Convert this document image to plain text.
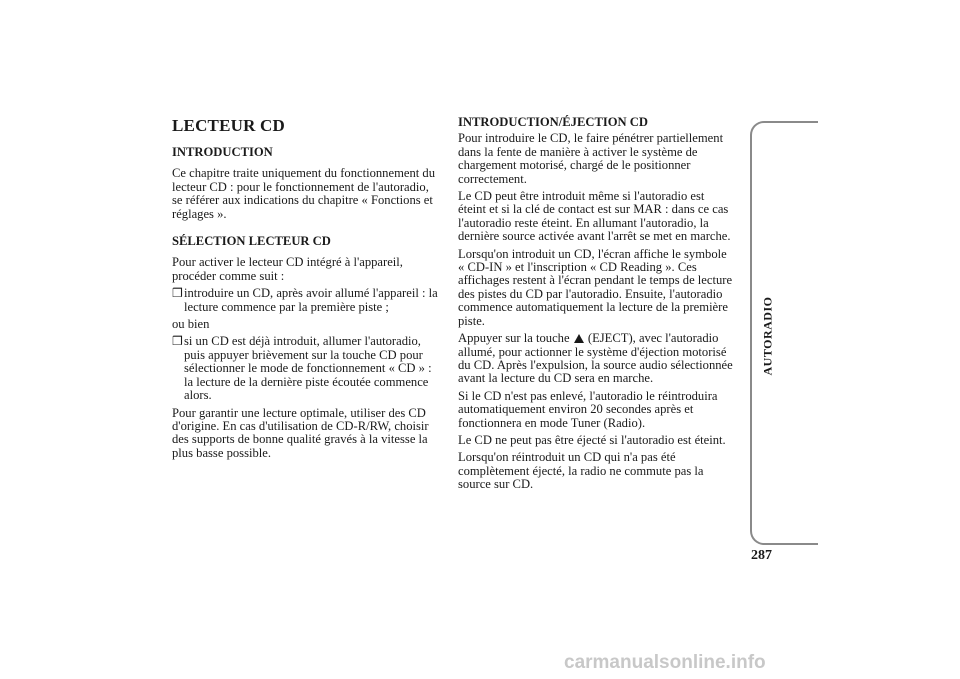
LECTEUR CD
INTRODUCTION

Ce chapitre traite uniquement du fonctionnement du lecteur CD : pour le fonctionnement de l'autoradio, se référer aux indications du chapitre « Fonctions et réglages ».

SÉLECTION LECTEUR CD

Pour activer le lecteur CD intégré à l'appareil, procéder comme suit :

❒ introduire un CD, après avoir allumé l'appareil : la lecture commence par la première piste ;

ou bien

❒ si un CD est déjà introduit, allumer l'autoradio, puis appuyer brièvement sur la touche CD pour sélectionner le mode de fonctionnement « CD » : la lecture de la dernière piste écoutée commence alors.

Pour garantir une lecture optimale, utiliser des CD d'origine. En cas d'utilisation de CD-R/RW, choisir des supports de bonne qualité gravés à la vitesse la plus basse possible.

INTRODUCTION/ÉJECTION CD

Pour introduire le CD, le faire pénétrer partiellement dans la fente de manière à activer le système de chargement motorisé, chargé de le positionner correctement.

Le CD peut être introduit même si l'autoradio est éteint et si la clé de contact est sur MAR : dans ce cas l'autoradio reste éteint. En allumant l'autoradio, la dernière source activée avant l'arrêt se met en marche.

Lorsqu'on introduit un CD, l'écran affiche le symbole « CD-IN » et l'inscription « CD Reading ». Ces affichages restent à l'écran pendant le temps de lecture des pistes du CD par l'autoradio. Ensuite, l'autoradio commence automatiquement la lecture de la première piste.

Appuyer sur la touche (EJECT), avec l'autoradio allumé, pour actionner le système d'éjection motorisé du CD. Après l'expulsion, la source audio sélectionnée avant la lecture du CD sera en marche.

Si le CD n'est pas enlevé, l'autoradio le réintroduira automatiquement environ 20 secondes après et fonctionnera en mode Tuner (Radio).

Le CD ne peut pas être éjecté si l'autoradio est éteint.

Lorsqu'on réintroduit un CD qui n'a pas été complètement éjecté, la radio ne commute pas la source sur CD.

AUTORADIO
287
carmanualsonline.info
